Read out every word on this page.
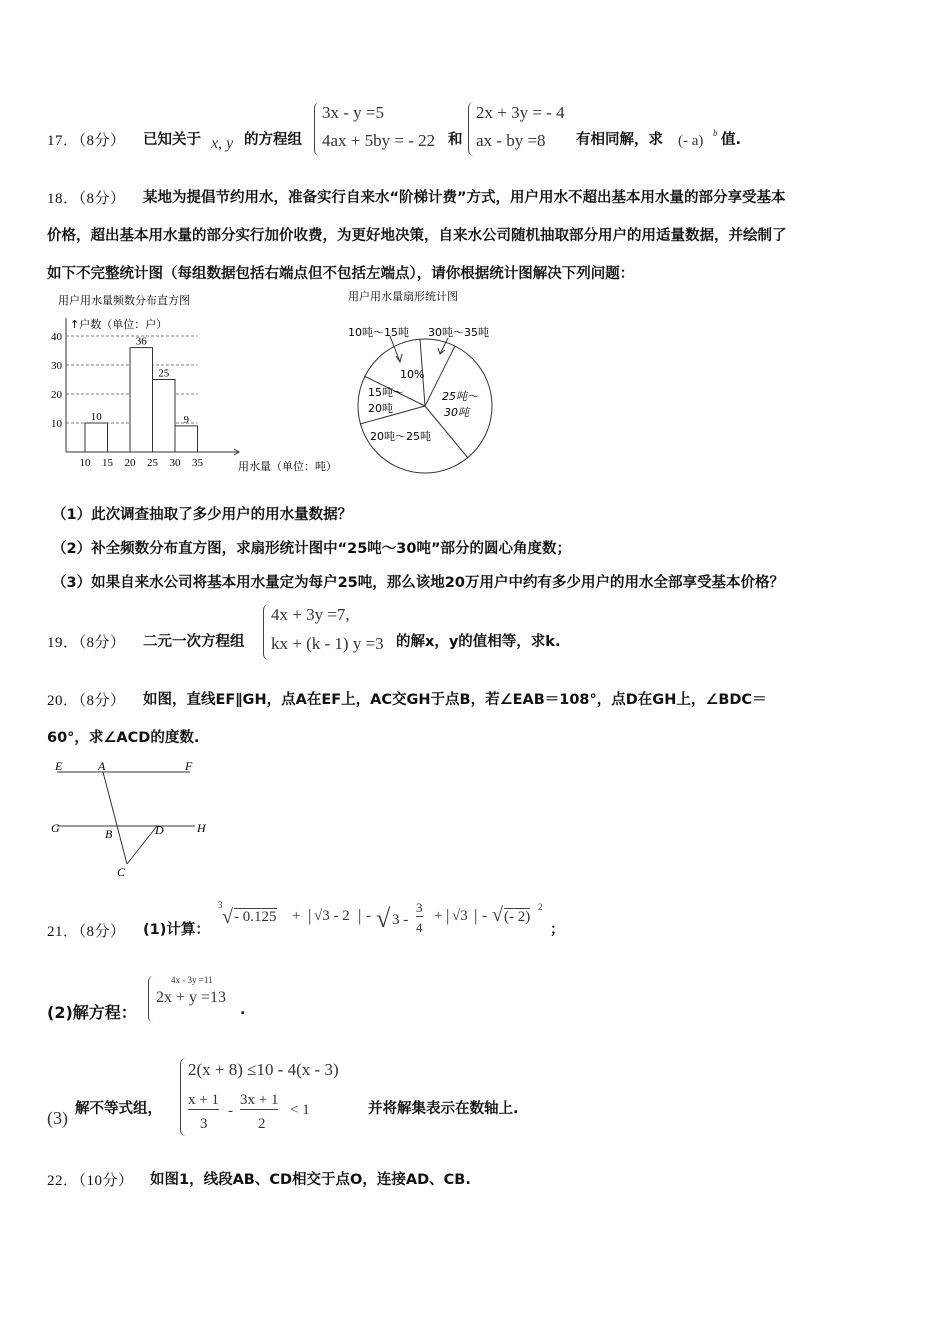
17．（8分） 已知关于 x, y 的方程组
3x - y =5
4ax + 5by = - 22 和
2x + 3y = - 4
ax - by =8 有相同解，求 (- a) b 值.
18．（8分） 某地为提倡节约用水，准备实行自来水“阶梯计费”方式，用户用水不超出基本用水量的部分享受基本
价格，超出基本用水量的部分实行加价收费，为更好地决策，自来水公司随机抽取部分用户的用适量数据，并绘制了
如下不完整统计图（每组数据包括右端点但不包括左端点），请你根据统计图解决下列问题：
用户用水量频数分布直方图
↑户数（单位：户）
用水量（单位：吨）
10
36
25
9
10
20
30
40
10 15 20 25 30 35
用户用水量扇形统计图
10吨～15吨 30吨～35吨
10%
15吨～
20吨
25吨～
30吨
20吨～25吨
（1）此次调查抽取了多少用户的用水量数据？
（2）补全频数分布直方图，求扇形统计图中“25吨～30吨”部分的圆心角度数；
（3）如果自来水公司将基本用水量定为每户25吨，那么该地20万用户中约有多少用户的用水全部享受基本价格？
19．（8分） 二元一次方程组
4x + 3y =7,
kx + (k - 1) y =3 的解x，y的值相等，求k.
20．（8分） 如图，直线EF∥GH，点A在EF上，AC交GH于点B，若∠EAB＝108°，点D在GH上，∠BDC＝
60°，求∠ACD的度数.
E	A	F
G	B	D	H
C
21．（8分） (1)计算：
3
√ - 0.125 + | √3 - 2 | - √ 3 -
3
4
+ | √3 | - √ (- 2)
2
；
(2)解方程：
4x - 3y =11
2x + y =13
.
(3) 解不等式组，
2(x + 8) ≤10 - 4(x - 3)
x + 1
3
-
3x + 1
2
< 1	并将解集表示在数轴上.
22．（10分） 如图1，线段AB、CD相交于点O，连接AD、CB.
